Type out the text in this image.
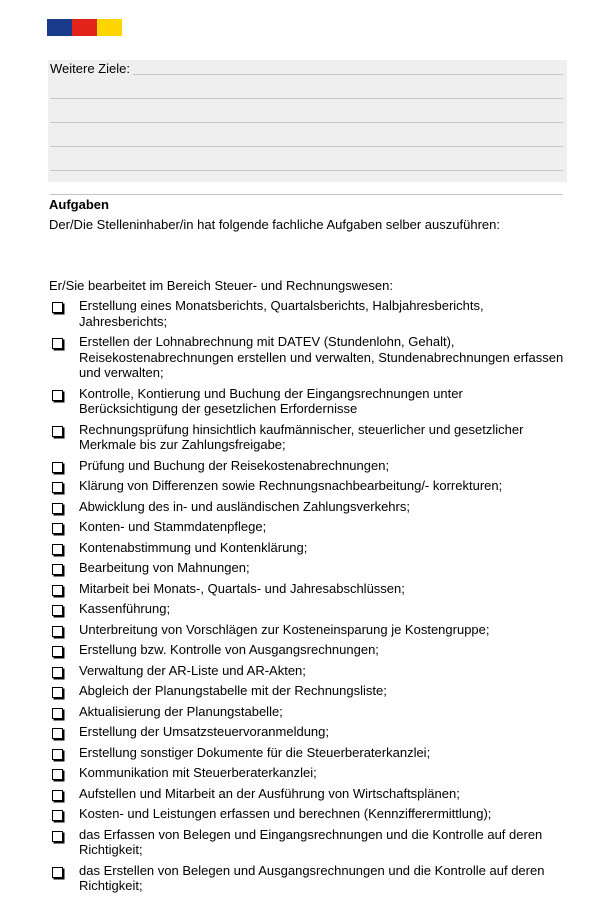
Weitere Ziele:
Aufgaben
Der/Die Stelleninhaber/in hat folgende fachliche Aufgaben selber auszuführen:
Er/Sie bearbeitet im Bereich Steuer- und Rechnungswesen:
Erstellung eines Monatsberichts, Quartalsberichts, Halbjahresberichts, Jahresberichts;
Erstellen der Lohnabrechnung mit DATEV (Stundenlohn, Gehalt), Reisekostenabrechnungen erstellen und verwalten, Stundenabrechnungen erfassen und verwalten;
Kontrolle, Kontierung und Buchung der Eingangsrechnungen unter Berücksichtigung der gesetzlichen Erfordernisse
Rechnungsprüfung hinsichtlich kaufmännischer, steuerlicher und gesetzlicher Merkmale bis zur Zahlungsfreigabe;
Prüfung und Buchung der Reisekostenabrechnungen;
Klärung von Differenzen sowie Rechnungsnachbearbeitung/- korrekturen;
Abwicklung des in- und ausländischen Zahlungsverkehrs;
Konten- und Stammdatenpflege;
Kontenabstimmung und Kontenklärung;
Bearbeitung von Mahnungen;
Mitarbeit bei Monats-, Quartals- und Jahresabschlüssen;
Kassenführung;
Unterbreitung von Vorschlägen zur Kosteneinsparung je Kostengruppe;
Erstellung bzw. Kontrolle von Ausgangsrechnungen;
Verwaltung der AR-Liste und AR-Akten;
Abgleich der Planungstabelle mit der Rechnungsliste;
Aktualisierung der Planungstabelle;
Erstellung der Umsatzsteuervoranmeldung;
Erstellung sonstiger Dokumente für die Steuerberaterkanzlei;
Kommunikation mit Steuerberaterkanzlei;
Aufstellen und Mitarbeit an der Ausführung von Wirtschaftsplänen;
Kosten- und Leistungen erfassen und berechnen (Kennzifferermittlung);
das Erfassen von Belegen und Eingangsrechnungen und die Kontrolle auf deren Richtigkeit;
das Erstellen von Belegen und Ausgangsrechnungen und die Kontrolle auf deren Richtigkeit;
